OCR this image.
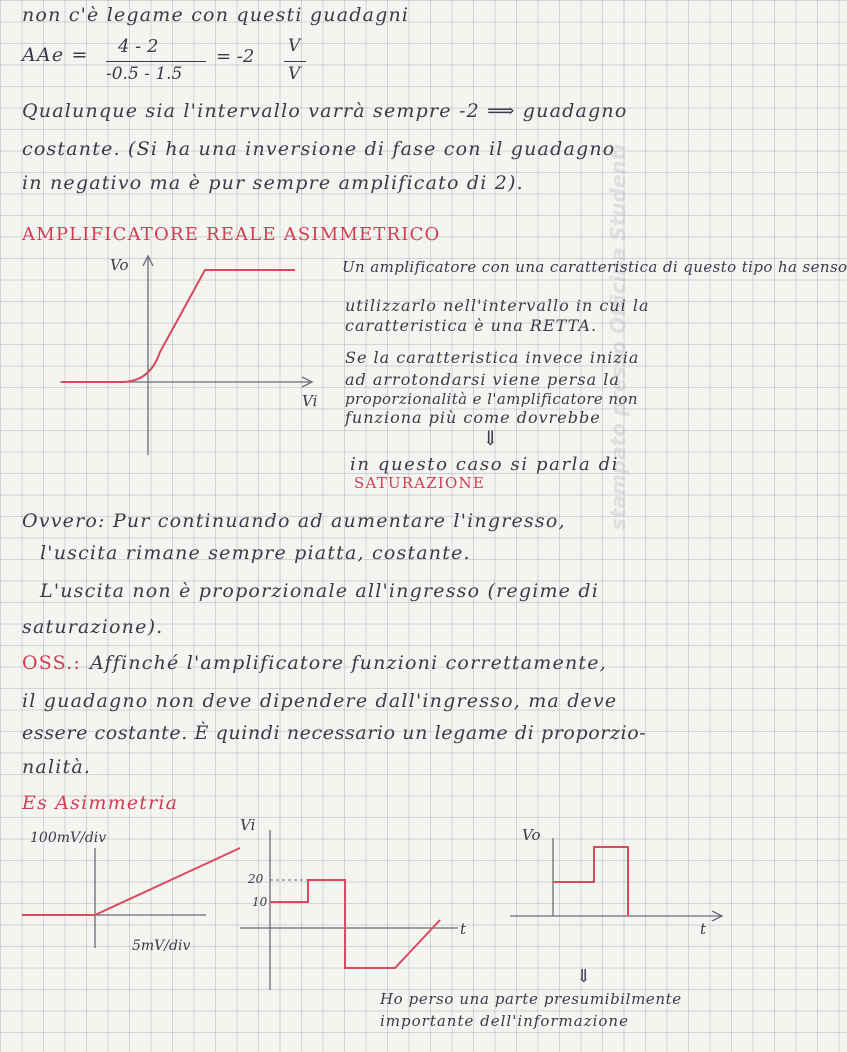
stampato presso Officina Studenti
non c'è legame con questi guadagni
AAe = 4 - 2
-0.5 - 1.5
= -2 V
V
Qualunque sia l'intervallo varrà sempre -2 ⟹ guadagno
costante. (Si ha una inversione di fase con il guadagno
in negativo ma è pur sempre amplificato di 2).
AMPLIFICATORE REALE ASIMMETRICO
Vo
Vi
Un amplificatore con una caratteristica di questo tipo ha senso
utilizzarlo nell'intervallo in cui la
caratteristica è una RETTA.
Se la caratteristica invece inizia
ad arrotondarsi viene persa la
proporzionalità e l'amplificatore non
funziona più come dovrebbe
⇓
in questo caso si parla di
SATURAZIONE
Ovvero: Pur continuando ad aumentare l'ingresso,
l'uscita rimane sempre piatta, costante.
L'uscita non è proporzionale all'ingresso (regime di
saturazione).
OSS.: Affinché l'amplificatore funzioni correttamente,
il guadagno non deve dipendere dall'ingresso, ma deve
essere costante. È quindi necessario un legame di proporzio-
nalità.
Es Asimmetria
100mV/div
5mV/div
Vi
20
10
t
Vo
t
⇓
Ho perso una parte presumibilmente
importante dell'informazione
